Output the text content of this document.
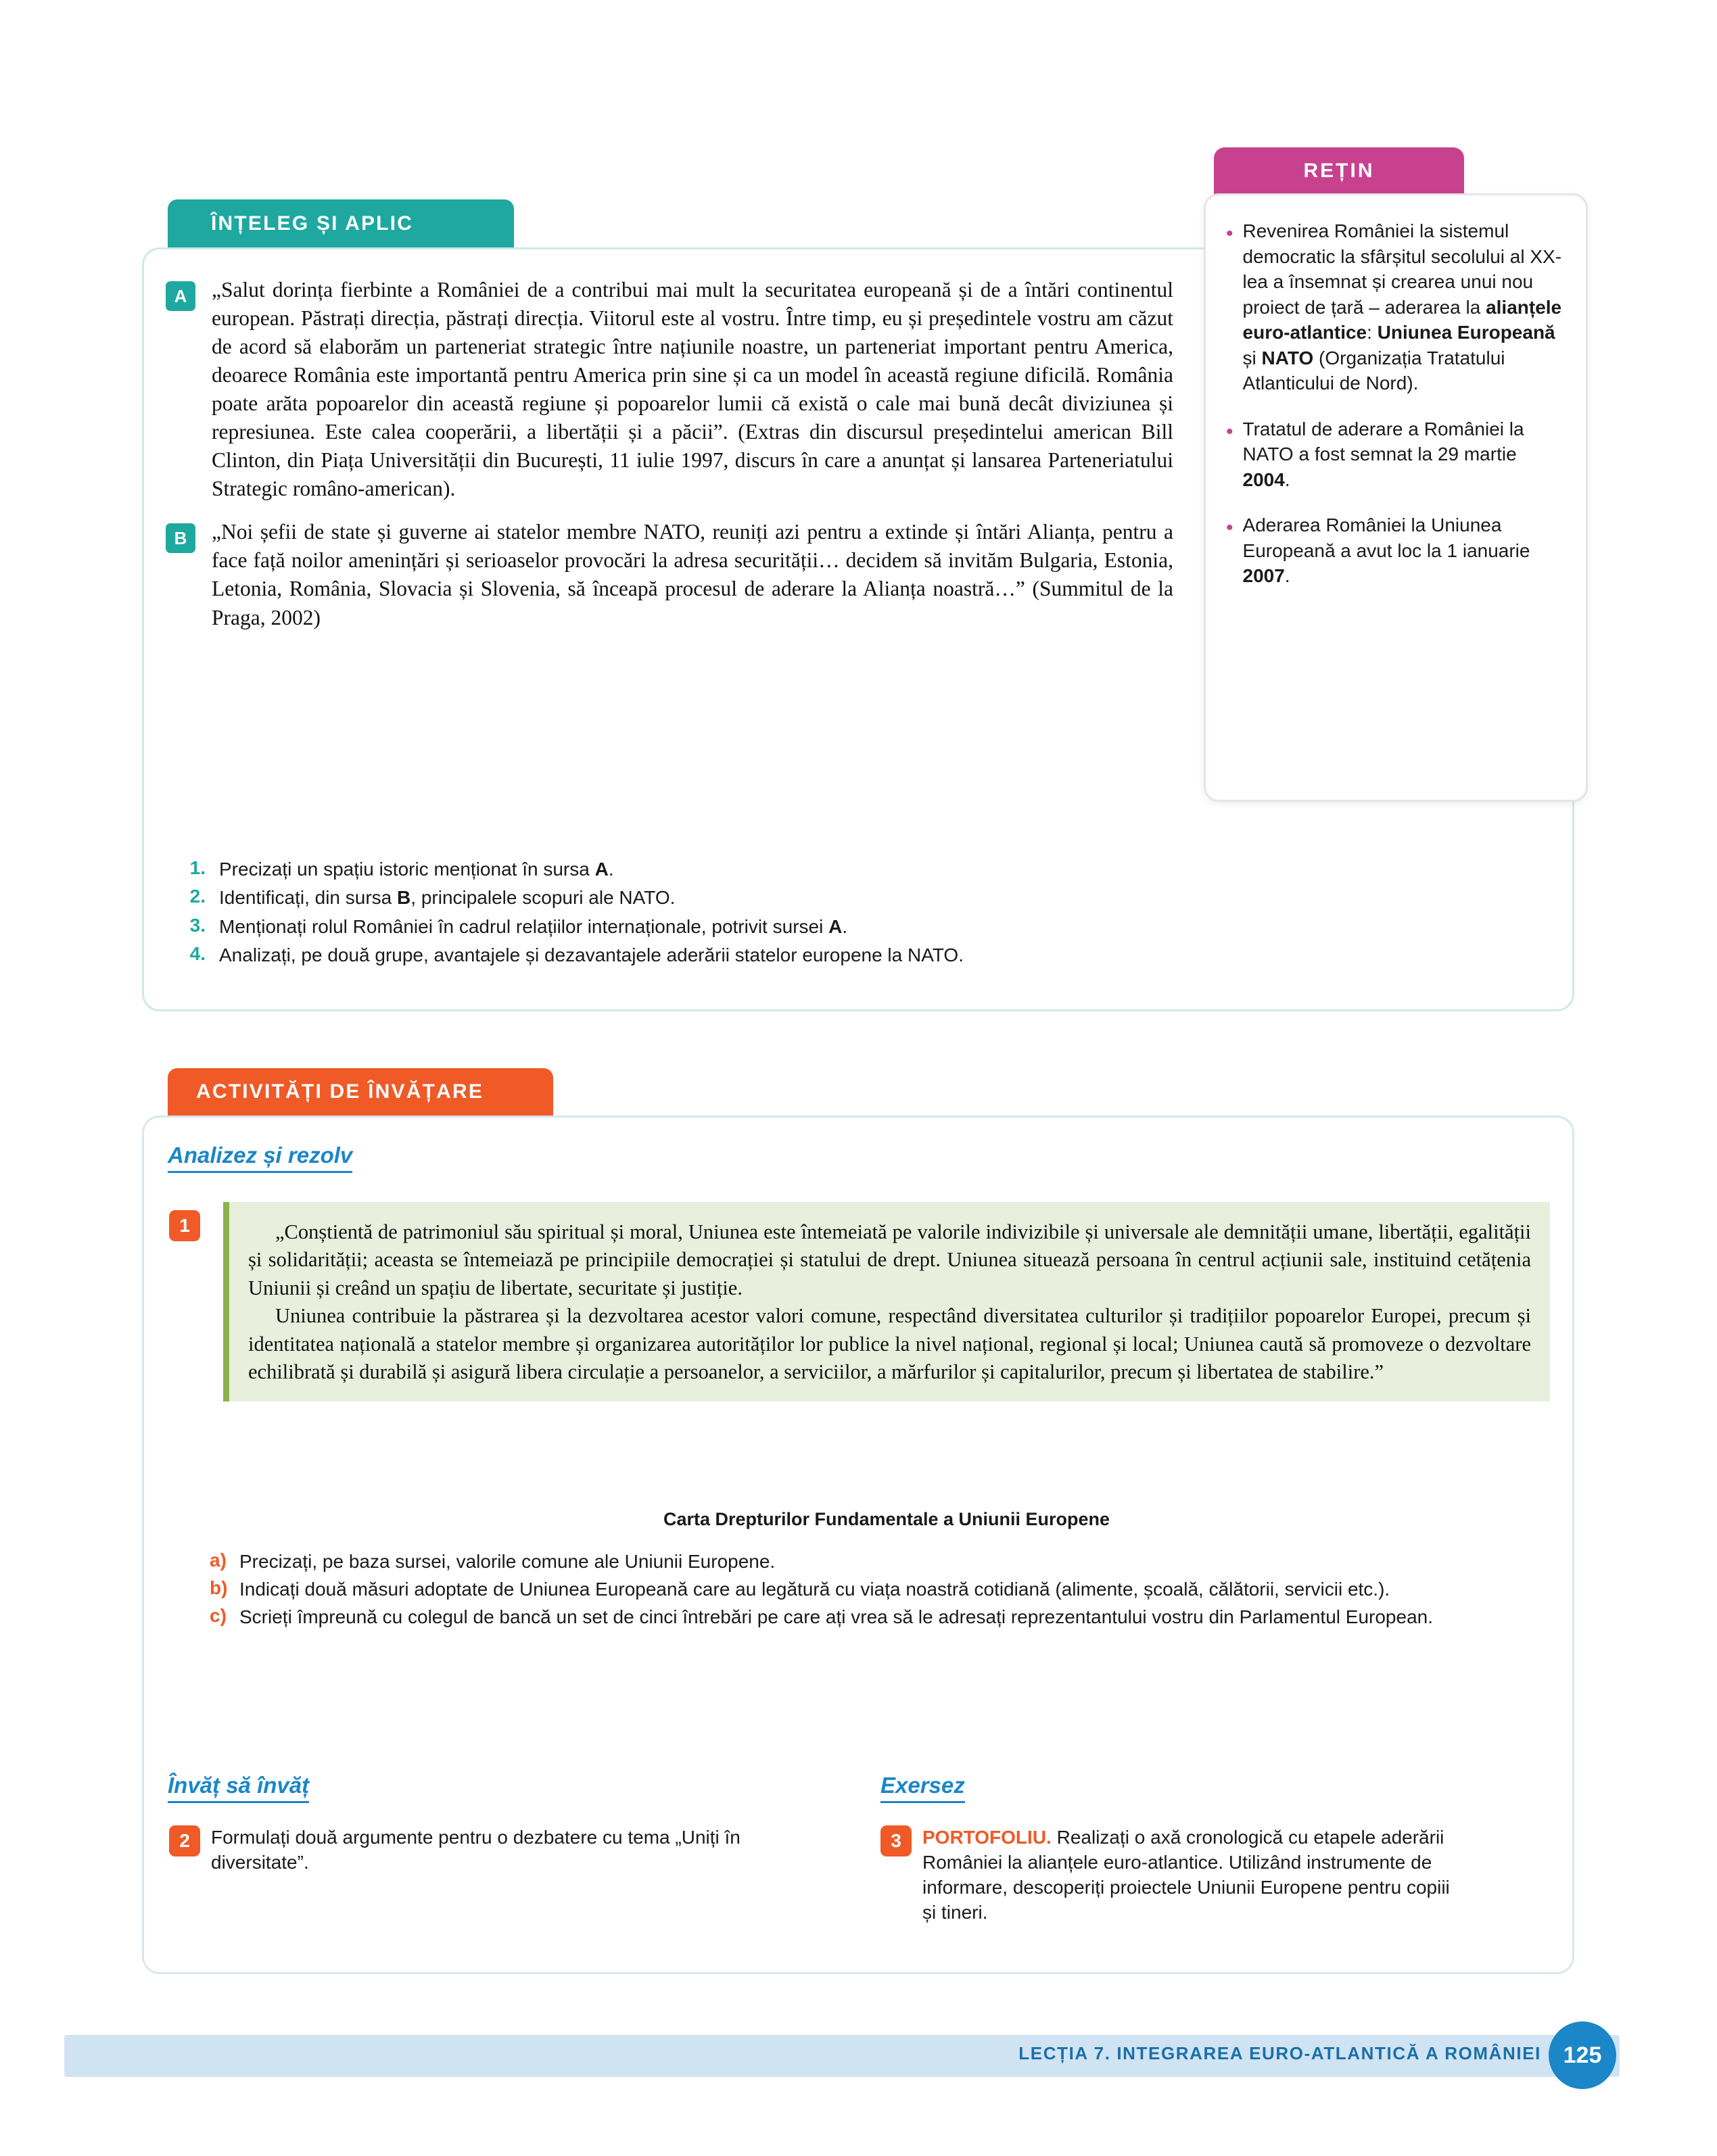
ÎNȚELEG ȘI APLIC
A	„Salut dorința fierbinte a României de a contribui mai mult la securitatea europeană și de a întări continentul european. Păstrați direcția, păstrați direcția. Viitorul este al vostru. Între timp, eu și președintele vostru am căzut de acord să elaborăm un parteneriat strategic între națiunile noastre, un parteneriat important pentru America, deoarece România este importantă pentru America prin sine și ca un model în această regiune dificilă. România poate arăta popoarelor din această regiune și popoarelor lumii că există o cale mai bună decât diviziunea și represiunea. Este calea cooperării, a libertății și a păcii”. (Extras din discursul președintelui american Bill Clinton, din Piața Universității din București, 11 iulie 1997, discurs în care a anunțat și lansarea Parteneriatului Strategic româno-american).
B	„Noi șefii de state și guverne ai statelor membre NATO, reuniți azi pentru a extinde și întări Alianța, pentru a face față noilor amenințări și serioaselor provocări la adresa securității… decidem să invităm Bulgaria, Estonia, Letonia, România, Slovacia și Slovenia, să înceapă procesul de aderare la Alianța noastră…” (Summitul de la Praga, 2002)
1. Precizați un spațiu istoric menționat în sursa A.
2. Identificați, din sursa B, principalele scopuri ale NATO.
3. Menționați rolul României în cadrul relațiilor internaționale, potrivit sursei A.
4. Analizați, pe două grupe, avantajele și dezavantajele aderării statelor europene la NATO.
REȚIN
• Revenirea României la sistemul democratic la sfârșitul secolului al XX-lea a însemnat și crearea unui nou proiect de țară – aderarea la alianțele euro-atlantice: Uniunea Europeană și NATO (Organizația Tratatului Atlanticului de Nord).
• Tratatul de aderare a României la NATO a fost semnat la 29 martie 2004.
• Aderarea României la Uniunea Europeană a avut loc la 1 ianuarie 2007.
ACTIVITĂȚI DE ÎNVĂȚARE
Analizez și rezolv
1	„Conștientă de patrimoniul său spiritual și moral, Uniunea este întemeiată pe valorile indivizibile și universale ale demnității umane, libertății, egalității și solidarității; aceasta se întemeiază pe principiile democrației și statului de drept. Uniunea situează persoana în centrul acțiunii sale, instituind cetățenia Uniunii și creând un spațiu de libertate, securitate și justiție.

Uniunea contribuie la păstrarea și la dezvoltarea acestor valori comune, respectând diversitatea culturilor și tradițiilor popoarelor Europei, precum și identitatea națională a statelor membre și organizarea autorităților lor publice la nivel național, regional și local; Uniunea caută să promoveze o dezvoltare echilibrată și durabilă și asigură libera circulație a persoanelor, a serviciilor, a mărfurilor și capitalurilor, precum și libertatea de stabilire.”

Carta Drepturilor Fundamentale a Uniunii Europene
a) Precizați, pe baza sursei, valorile comune ale Uniunii Europene.
b) Indicați două măsuri adoptate de Uniunea Europeană care au legătură cu viața noastră cotidiană (alimente, școală, călătorii, servicii etc.).
c) Scrieți împreună cu colegul de bancă un set de cinci întrebări pe care ați vrea să le adresați reprezentantului vostru din Parlamentul European.
Învăț să învăț	Exersez
2	Formulați două argumente pentru o dezbatere cu tema „Uniți în diversitate”.
3	PORTOFOLIU. Realizați o axă cronologică cu etapele aderării României la alianțele euro-atlantice. Utilizând instrumente de informare, descoperiți proiectele Uniunii Europene pentru copiii și tineri.
LECȚIA 7. INTEGRAREA EURO-ATLANTICĂ A ROMÂNIEI 125
